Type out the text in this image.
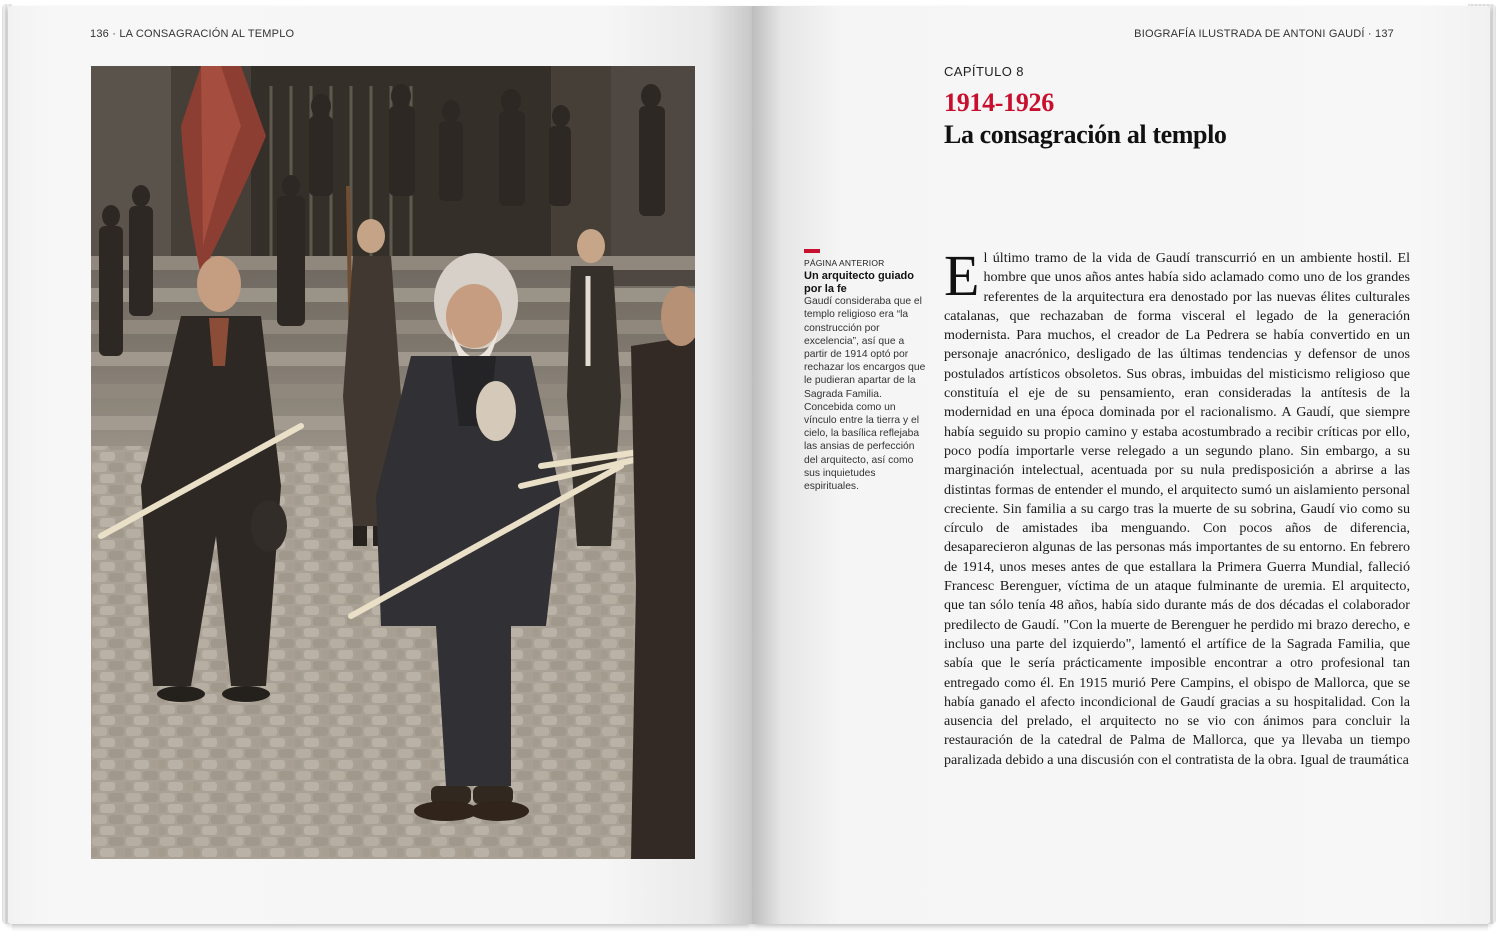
136 · LA CONSAGRACIÓN AL TEMPLO	BIOGRAFÍA ILUSTRADA DE ANTONI GAUDÍ · 137
CAPÍTULO 8
1914-1926
La consagración al templo
PÁGINA ANTERIOR
Un arquitecto guiado por la fe
Gaudí consideraba que el templo religioso era “la construcción por excelencia”, así que a partir de 1914 optó por rechazar los encargos que le pudieran apartar de la Sagrada Familia. Concebida como un vínculo entre la tierra y el cielo, la basílica reflejaba las ansias de perfección del arquitecto, así como sus inquietudes espirituales.
El último tramo de la vida de Gaudí transcurrió en un ambiente hostil. El hombre que unos años antes había sido aclamado como uno de los grandes referentes de la arquitectura era denostado por las nuevas élites culturales catalanas, que rechazaban de forma visceral el legado de la generación modernista. Para muchos, el creador de La Pedrera se había convertido en un personaje anacrónico, desligado de las últimas tendencias y defensor de unos postulados artísticos obsoletos. Sus obras, imbuidas del misticismo religioso que constituía el eje de su pensamiento, eran consideradas la antítesis de la modernidad en una época dominada por el racionalismo. A Gaudí, que siempre había seguido su propio camino y estaba acostumbrado a recibir críticas por ello, poco podía importarle verse relegado a un segundo plano. Sin embargo, a su marginación intelectual, acentuada por su nula predisposición a abrirse a las distintas formas de entender el mundo, el arquitecto sumó un aislamiento personal creciente. Sin familia a su cargo tras la muerte de su sobrina, Gaudí vio como su círculo de amistades iba menguando. Con pocos años de diferencia, desaparecieron algunas de las personas más importantes de su entorno. En febrero de 1914, unos meses antes de que estallara la Primera Guerra Mundial, falleció Francesc Berenguer, víctima de un ataque fulminante de uremia. El arquitecto, que tan sólo tenía 48 años, había sido durante más de dos décadas el colaborador predilecto de Gaudí. "Con la muerte de Berenguer he perdido mi brazo derecho, e incluso una parte del izquierdo", lamentó el artífice de la Sagrada Familia, que sabía que le sería prácticamente imposible encontrar a otro profesional tan entregado como él. En 1915 murió Pere Campins, el obispo de Mallorca, que se había ganado el afecto incondicional de Gaudí gracias a su hospitalidad. Con la ausencia del prelado, el arquitecto no se vio con ánimos para concluir la restauración de la catedral de Palma de Mallorca, que ya llevaba un tiempo paralizada debido a una discusión con el contratista de la obra. Igual de traumática
